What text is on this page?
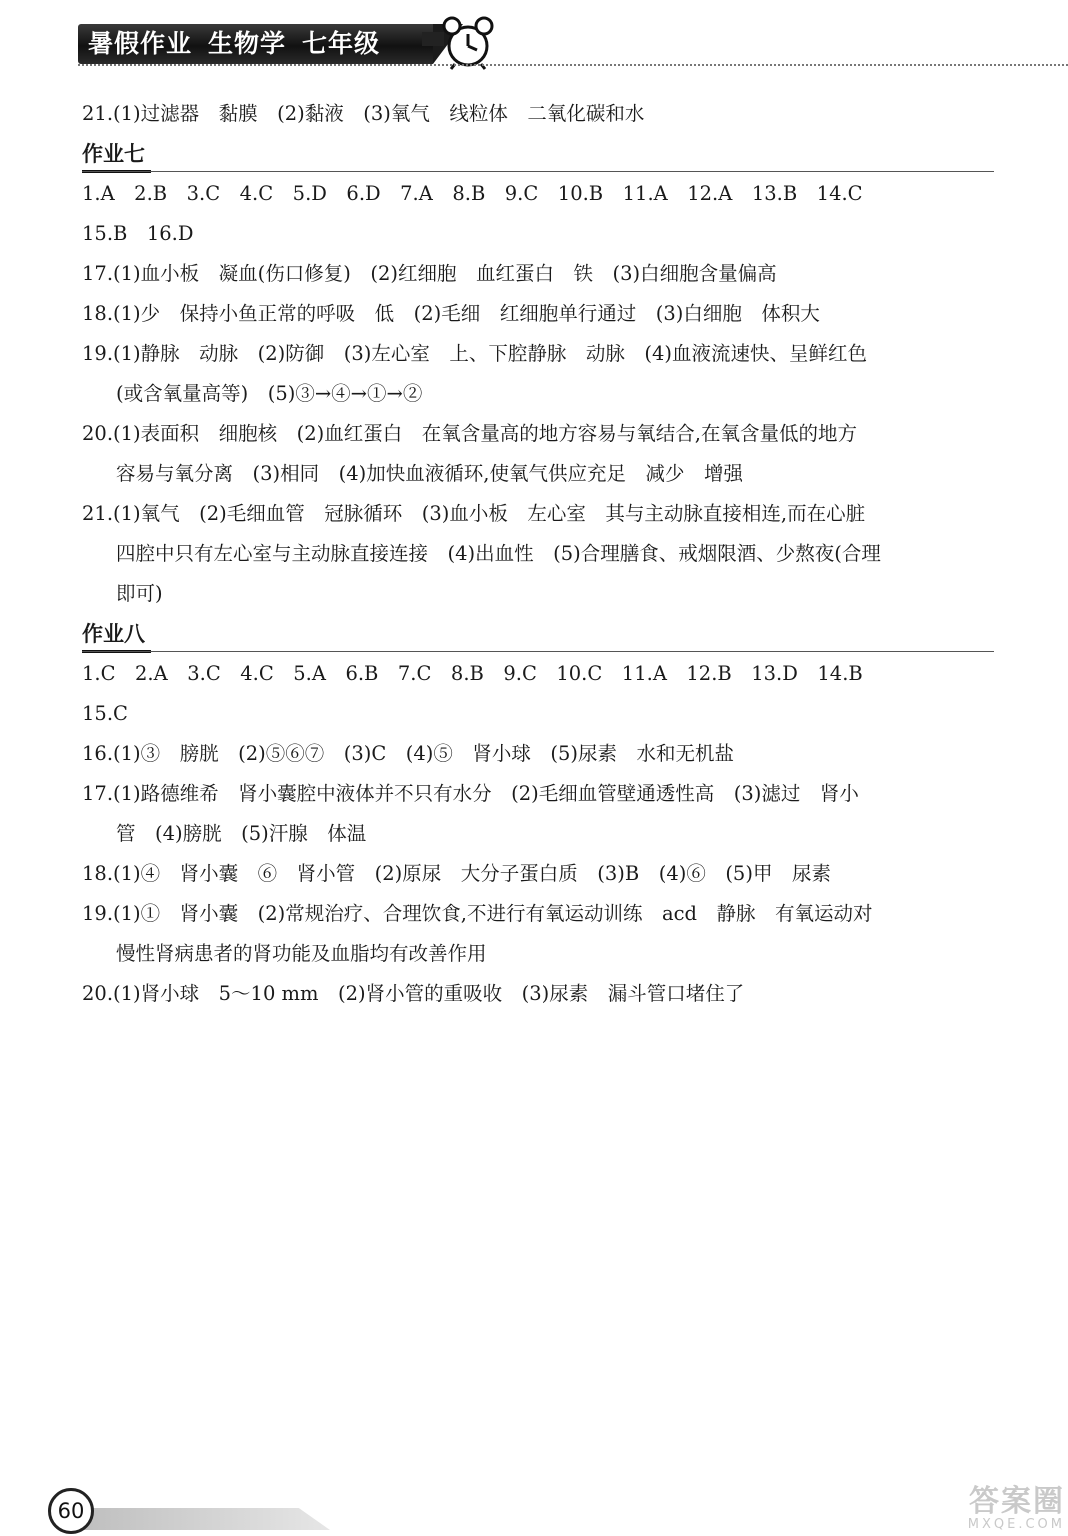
暑假作业 生物学 七年级
21.(1)过滤器　黏膜　(2)黏液　(3)氧气　线粒体　二氧化碳和水
作业七
1.A　2.B　3.C　4.C　5.D　6.D　7.A　8.B　9.C　10.B　11.A　12.A　13.B　14.C
15.B　16.D
17.(1)血小板　凝血(伤口修复)　(2)红细胞　血红蛋白　铁　(3)白细胞含量偏高
18.(1)少　保持小鱼正常的呼吸　低　(2)毛细　红细胞单行通过　(3)白细胞　体积大
19.(1)静脉　动脉　(2)防御　(3)左心室　上、下腔静脉　动脉　(4)血液流速快、呈鲜红色
(或含氧量高等)　(5)③→④→①→②
20.(1)表面积　细胞核　(2)血红蛋白　在氧含量高的地方容易与氧结合,在氧含量低的地方
容易与氧分离　(3)相同　(4)加快血液循环,使氧气供应充足　减少　增强
21.(1)氧气　(2)毛细血管　冠脉循环　(3)血小板　左心室　其与主动脉直接相连,而在心脏
四腔中只有左心室与主动脉直接连接　(4)出血性　(5)合理膳食、戒烟限酒、少熬夜(合理
即可)
作业八
1.C　2.A　3.C　4.C　5.A　6.B　7.C　8.B　9.C　10.C　11.A　12.B　13.D　14.B
15.C
16.(1)③　膀胱　(2)⑤⑥⑦　(3)C　(4)⑤　肾小球　(5)尿素　水和无机盐
17.(1)路德维希　肾小囊腔中液体并不只有水分　(2)毛细血管壁通透性高　(3)滤过　肾小
管　(4)膀胱　(5)汗腺　体温
18.(1)④　肾小囊　⑥　肾小管　(2)原尿　大分子蛋白质　(3)B　(4)⑥　(5)甲　尿素
19.(1)①　肾小囊　(2)常规治疗、合理饮食,不进行有氧运动训练　acd　静脉　有氧运动对
慢性肾病患者的肾功能及血脂均有改善作用
20.(1)肾小球　5～10 mm　(2)肾小管的重吸收　(3)尿素　漏斗管口堵住了
60	答案圈
MXQE.COM
